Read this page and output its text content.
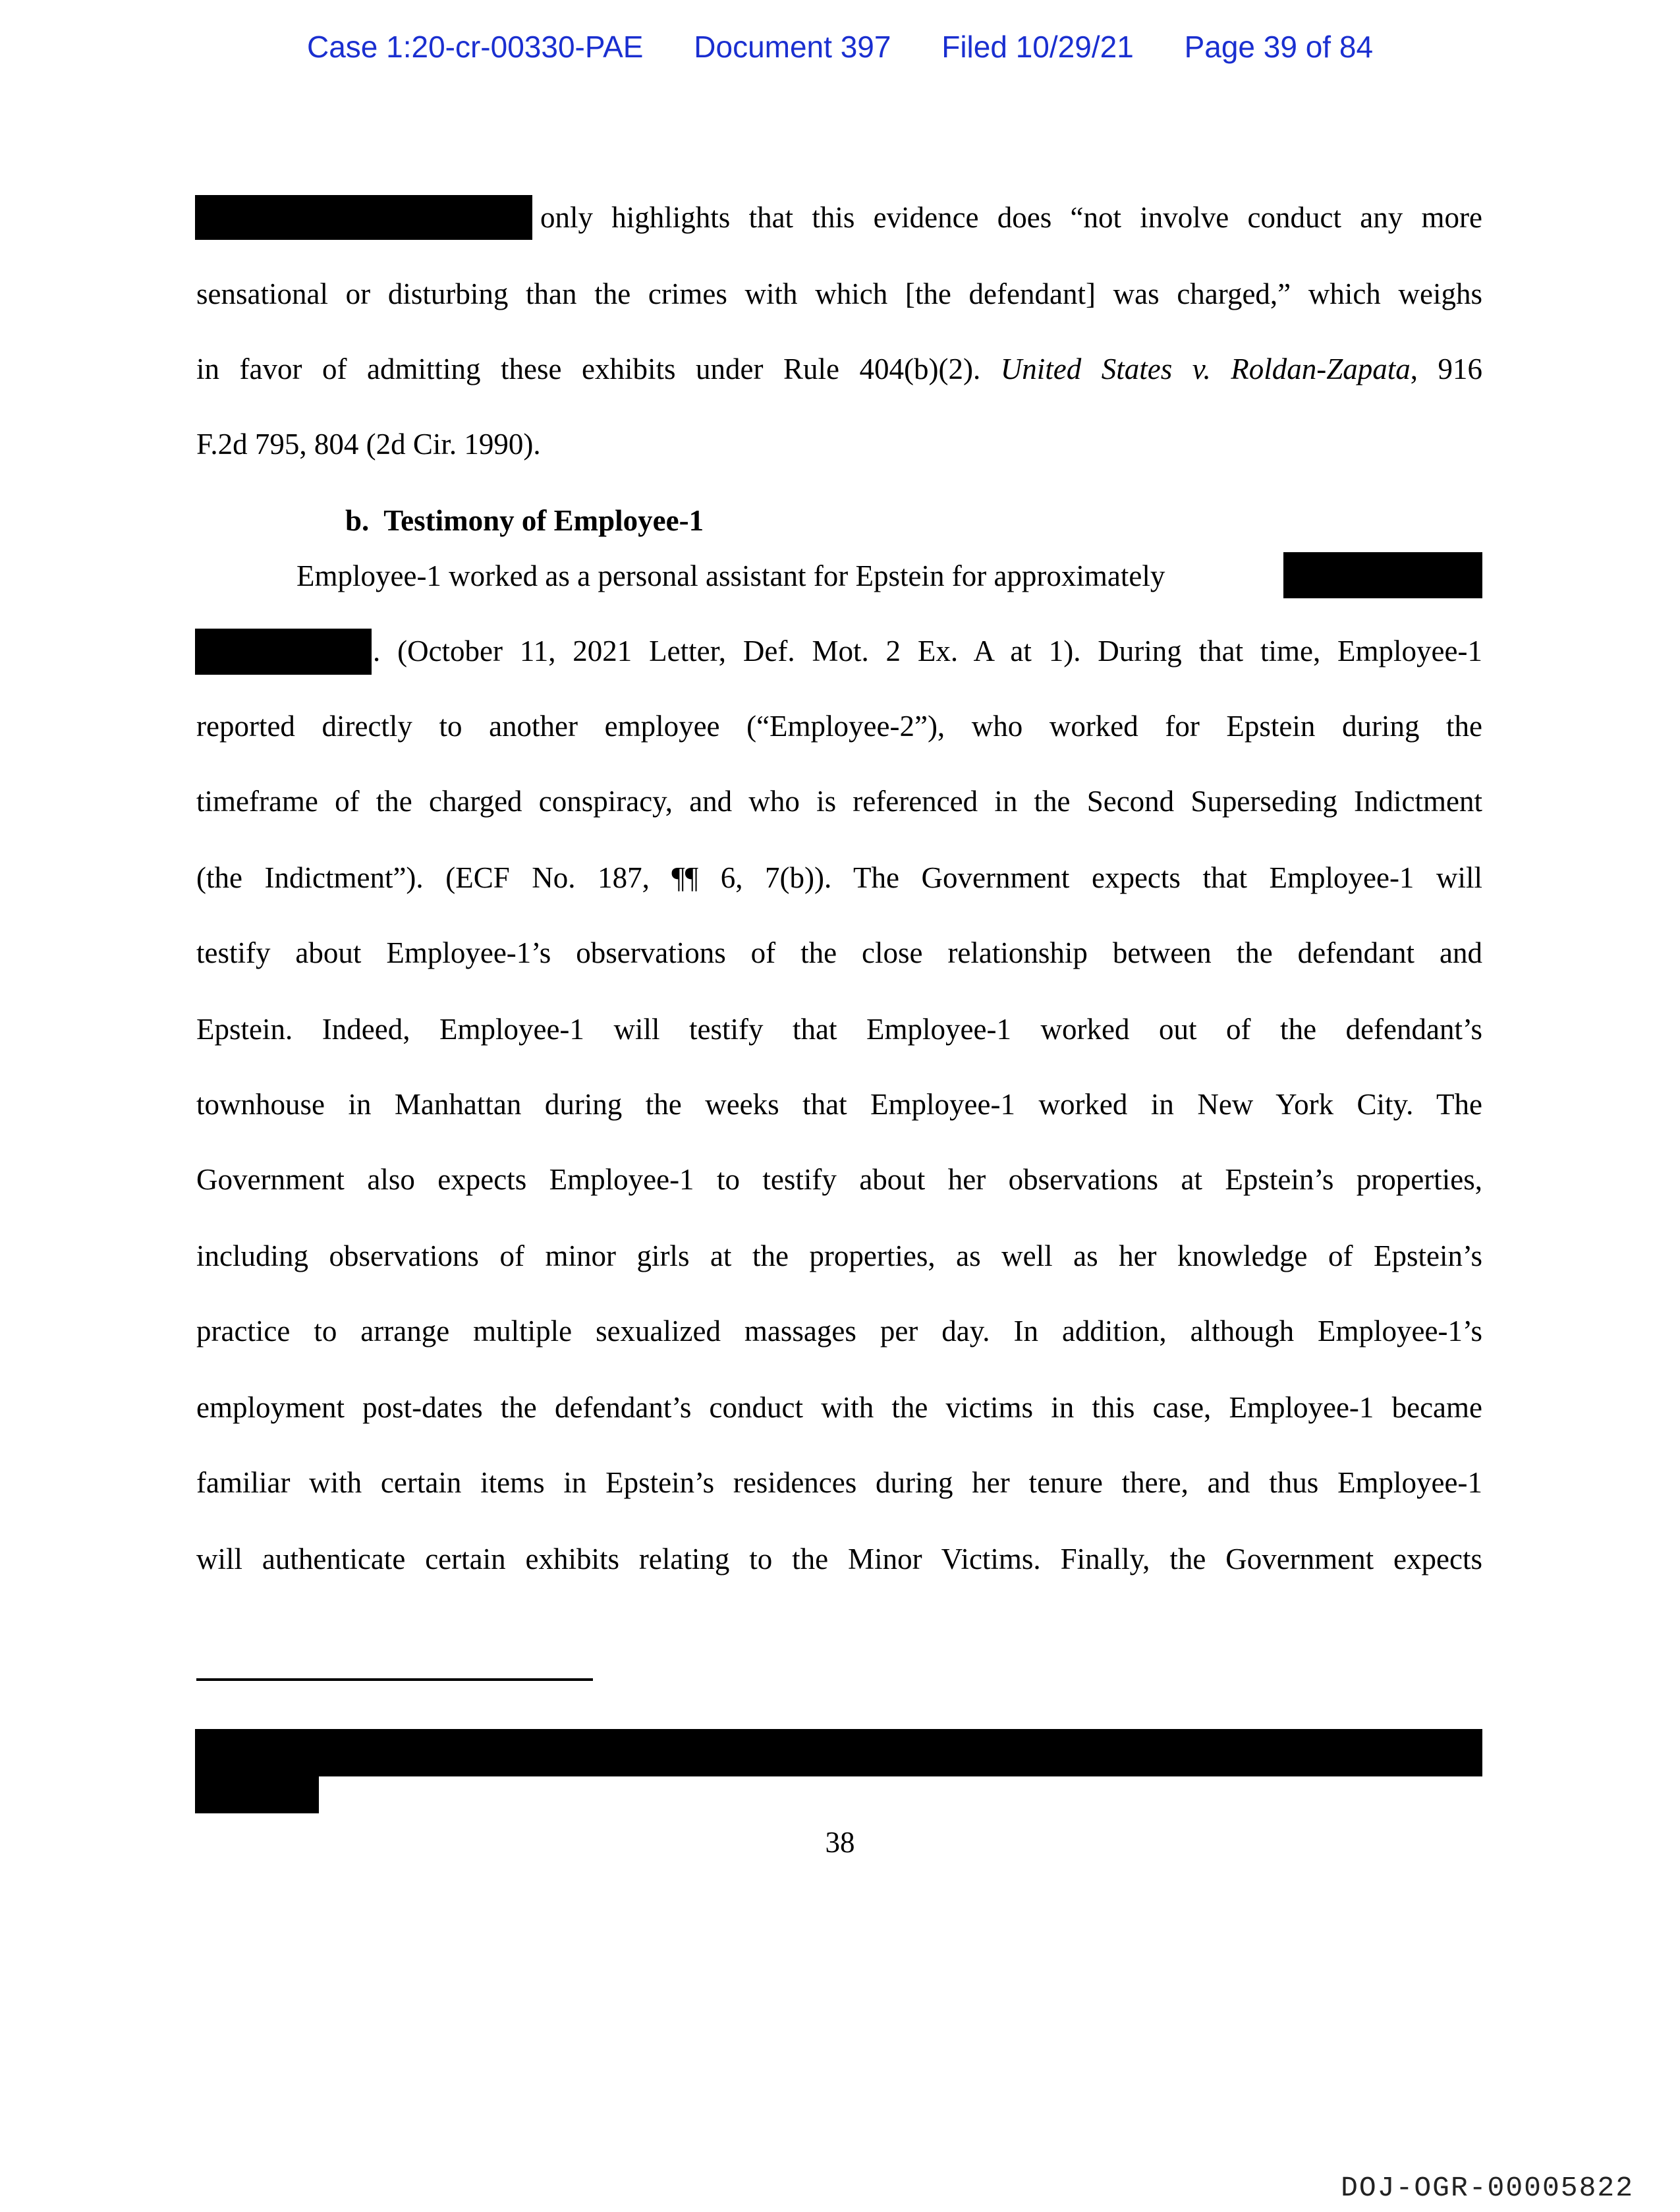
Case 1:20-cr-00330-PAE Document 397 Filed 10/29/21 Page 39 of 84
only highlights that this evidence does “not involve conduct any more
sensational or disturbing than the crimes with which [the defendant] was charged,” which weighs
in favor of admitting these exhibits under Rule 404(b)(2). United States v. Roldan-Zapata, 916
F.2d 795, 804 (2d Cir. 1990).
b. Testimony of Employee-1
Employee-1 worked as a personal assistant for Epstein for approximately
. (October 11, 2021 Letter, Def. Mot. 2 Ex. A at 1). During that time, Employee-1
reported directly to another employee (“Employee-2”), who worked for Epstein during the
timeframe of the charged conspiracy, and who is referenced in the Second Superseding Indictment
(the Indictment”). (ECF No. 187, ¶¶ 6, 7(b)). The Government expects that Employee-1 will
testify about Employee-1’s observations of the close relationship between the defendant and
Epstein. Indeed, Employee-1 will testify that Employee-1 worked out of the defendant’s
townhouse in Manhattan during the weeks that Employee-1 worked in New York City. The
Government also expects Employee-1 to testify about her observations at Epstein’s properties,
including observations of minor girls at the properties, as well as her knowledge of Epstein’s
practice to arrange multiple sexualized massages per day. In addition, although Employee-1’s
employment post-dates the defendant’s conduct with the victims in this case, Employee-1 became
familiar with certain items in Epstein’s residences during her tenure there, and thus Employee-1
will authenticate certain exhibits relating to the Minor Victims. Finally, the Government expects
38
DOJ-OGR-00005822
